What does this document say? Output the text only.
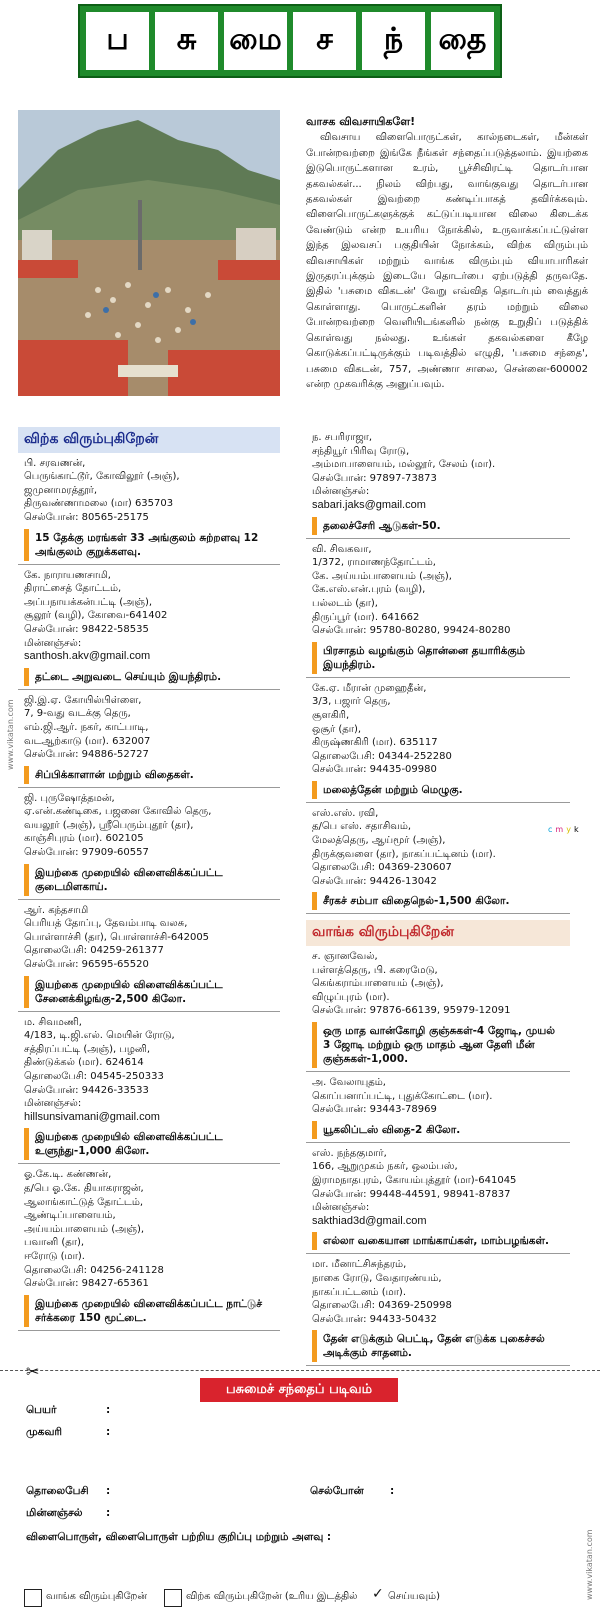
ப	சு	மை	ச	ந்	தை
வாசக விவசாயிகளே!
விவசாய விளைபொருட்கள், கால்நடைகள், மீன்கள் போன்றவற்றை இங்கே நீங்கள் சந்தைப்படுத்தலாம். இயற்கை இடுபொருட்களான உரம், பூச்சிவிரட்டி தொடர்பான தகவல்கள்... நிலம் விற்பது, வாங்குவது தொடர்பான தகவல்கள் இவற்றை கண்டிப்பாகத் தவிர்க்கவும். விளைபொருட்களுக்குக் கட்டுப்படியான விலை கிடைக்க வேண்டும் என்ற உயரிய நோக்கில், உருவாக்கப்பட்டுள்ள இந்த இலவசப் பகுதியின் நோக்கம், விற்க விரும்பும் விவசாயிகள் மற்றும் வாங்க விரும்பும் வியாபாரிகள் இருதரப்புக்கும் இடையே தொடர்பை ஏற்படுத்தி தருவதே. இதில் 'பசுமை விகடன்' வேறு எவ்வித தொடர்பும் வைத்துக் கொள்ளாது. பொருட்களின் தரம் மற்றும் விலை போன்றவற்றை வெளியிடங்களில் நன்கு உறுதிப் படுத்திக் கொள்வது நல்லது. உங்கள் தகவல்களை கீழே கொடுக்கப்பட்டிருக்கும் படிவத்தில் எழுதி, 'பசுமை சந்தை', பசுமை விகடன், 757, அண்ணா சாலை, சென்னை-600002 என்ற முகவரிக்கு அனுப்பவும்.
விற்க விரும்புகிறேன்
பி. சரவணன்,
பெருங்காட்டூர், கோவிலூர் (அஞ்),
ஜமுனாமரத்தூர்,
திருவண்ணாமலை (மா) 635703
செல்போன்: 80565-25175
15 தேக்கு மரங்கள் 33 அங்குலம் சுற்றளவு 12 அங்குலம் குறுக்களவு.
கே. நாராயணசாமி,
திராட்சைத் தோட்டம்,
அப்பநாயக்கன்பட்டி (அஞ்),
சூலூர் (வழி), கோவை-641402
செல்போன்: 98422-58535
மின்னஞ்சல்:
santhosh.akv@gmail.com
தட்டை அறுவடை செய்யும் இயந்திரம்.
ஜி.இ.ஏ. கோயில்பிள்ளை,
7, 9-வது வடக்கு தெரு,
எம்.ஜி.ஆர். நகர், காட்பாடி,
வடஆற்காடு (மா). 632007
செல்போன்: 94886-52727
சிப்பிக்காளான் மற்றும் விதைகள்.
ஜி. புருஷோத்தமன்,
ஏ.என்.கண்டிகை, பஜனை கோவில் தெரு,
வயலூர் (அஞ்), ஸ்ரீபெரும்புதூர் (தா),
காஞ்சிபுரம் (மா). 602105
செல்போன்: 97909-60557
இயற்கை முறையில் விளைவிக்கப்பட்ட குடைமிளகாய்.
ஆர். கந்தசாமி
பெரியத் தோப்பு, தேவம்பாடி வலசு,
பொள்ளாச்சி (தா), பொள்ளாச்சி-642005
தொலைபேசி: 04259-261377
செல்போன்: 96595-65520
இயற்கை முறையில் விளைவிக்கப்பட்ட சேனைக்கிழங்கு-2,500 கிலோ.
ம. சிவமணி,
4/183, டி.ஜி.எல். மெயின் ரோடு,
சத்திரப்பட்டி (அஞ்), பழனி,
திண்டுக்கல் (மா). 624614
தொலைபேசி: 04545-250333
செல்போன்: 94426-33533
மின்னஞ்சல்:
hillsunsivamani@gmail.com
இயற்கை முறையில் விளைவிக்கப்பட்ட உளுந்து-1,000 கிலோ.
ஓ.கே.டி. கண்ணன்,
த/பெ ஓ.கே. தியாகராஜன்,
ஆலாங்காட்டுத் தோட்டம்,
ஆண்டிப்பாளையம்,
அய்யம்பாளையம் (அஞ்),
பவானி (தா),
ஈரோடு (மா).
தொலைபேசி: 04256-241128
செல்போன்: 98427-65361
இயற்கை முறையில் விளைவிக்கப்பட்ட நாட்டுச் சர்க்கரை 150 மூட்டை.
ந. சபரிராஜா,
சந்தியூர் பிரிவு ரோடு,
அம்மாபாளையம், மல்லூர், சேலம் (மா).
செல்போன்: 97897-73873
மின்னஞ்சல்:
sabari.jaks@gmail.com
தலைச்சேரி ஆடுகள்-50.
வி. சிவகவா,
1/372, ராமாணந்தோட்டம்,
கே. அய்யம்பாளையம் (அஞ்),
கே.எஸ்.என்.புரம் (வழி),
பல்லடம் (தா),
திருப்பூர் (மா). 641662
செல்போன்: 95780-80280, 99424-80280
பிரசாதம் வழங்கும் தொன்னை தயாரிக்கும் இயந்திரம்.
கே.ஏ. மீரான் முஹைதீன்,
3/3, பஜார் தெரு,
சூளகிரி,
ஒசூர் (தா),
கிருஷ்ணகிரி (மா). 635117
தொலைபேசி: 04344-252280
செல்போன்: 94435-09980
மலைத்தேன் மற்றும் மெழுகு.
எஸ்.எஸ். ரவி,
த/பெ எஸ். சதாசிவம்,
மேலத்தெரு, ஆய்மூர் (அஞ்),
திருக்குவளை (தா), நாகப்பட்டினம் (மா).
தொலைபேசி: 04369-230607
செல்போன்: 94426-13042
சீரகச் சம்பா விதைநெல்-1,500 கிலோ.
வாங்க விரும்புகிறேன்
ச. ஞானவேல்,
பள்ளத்தெரு, பி. கரைமேடு,
கெங்கராம்பாளையம் (அஞ்),
விழுப்புரம் (மா).
செல்போன்: 97876-66139, 95979-12091
ஒரு மாத வான்கோழி குஞ்சுகள்-4 ஜோடி, முயல் 3 ஜோடி மற்றும் ஒரு மாதம் ஆன தேளி மீன் குஞ்சுகள்-1,000.
அ. வேலாயுதம்,
கொப்பனாப்பட்டி, புதுக்கோட்டை (மா).
செல்போன்: 93443-78969
யூகலிப்டஸ் விதை-2 கிலோ.
எஸ். நந்தகுமார்,
166, ஆறுமுகம் நகர், ஒலம்பஸ்,
இராமநாதபுரம், கோயம்புத்தூர் (மா)-641045
செல்போன்: 99448-44591, 98941-87837
மின்னஞ்சல்:
sakthiad3d@gmail.com
எல்லா வகையான மாங்காய்கள், மாம்பழங்கள்.
மா. மீனாட்சிசுந்தரம்,
நாகை ரோடு, வேதாரண்யம்,
நாகப்பட்டனம் (மா).
தொலைபேசி: 04369-250998
செல்போன்: 94433-50432
தேன் எடுக்கும் பெட்டி, தேன் எடுக்க புகைச்சல் அடிக்கும் சாதனம்.
c m y k
www.vikatan.com
www.vikatan.com
✂
பசுமைச் சந்தைப் படிவம்
பெயர்	:
முகவரி	:
தொலைபேசி :	செல்போன்	:
மின்னஞ்சல் :
விளைபொருள், விளைபொருள் பற்றிய குறிப்பு மற்றும் அளவு :
வாங்க விரும்புகிறேன்	விற்க விரும்புகிறேன் (உரிய இடத்தில் ✓ செய்யவும்)
